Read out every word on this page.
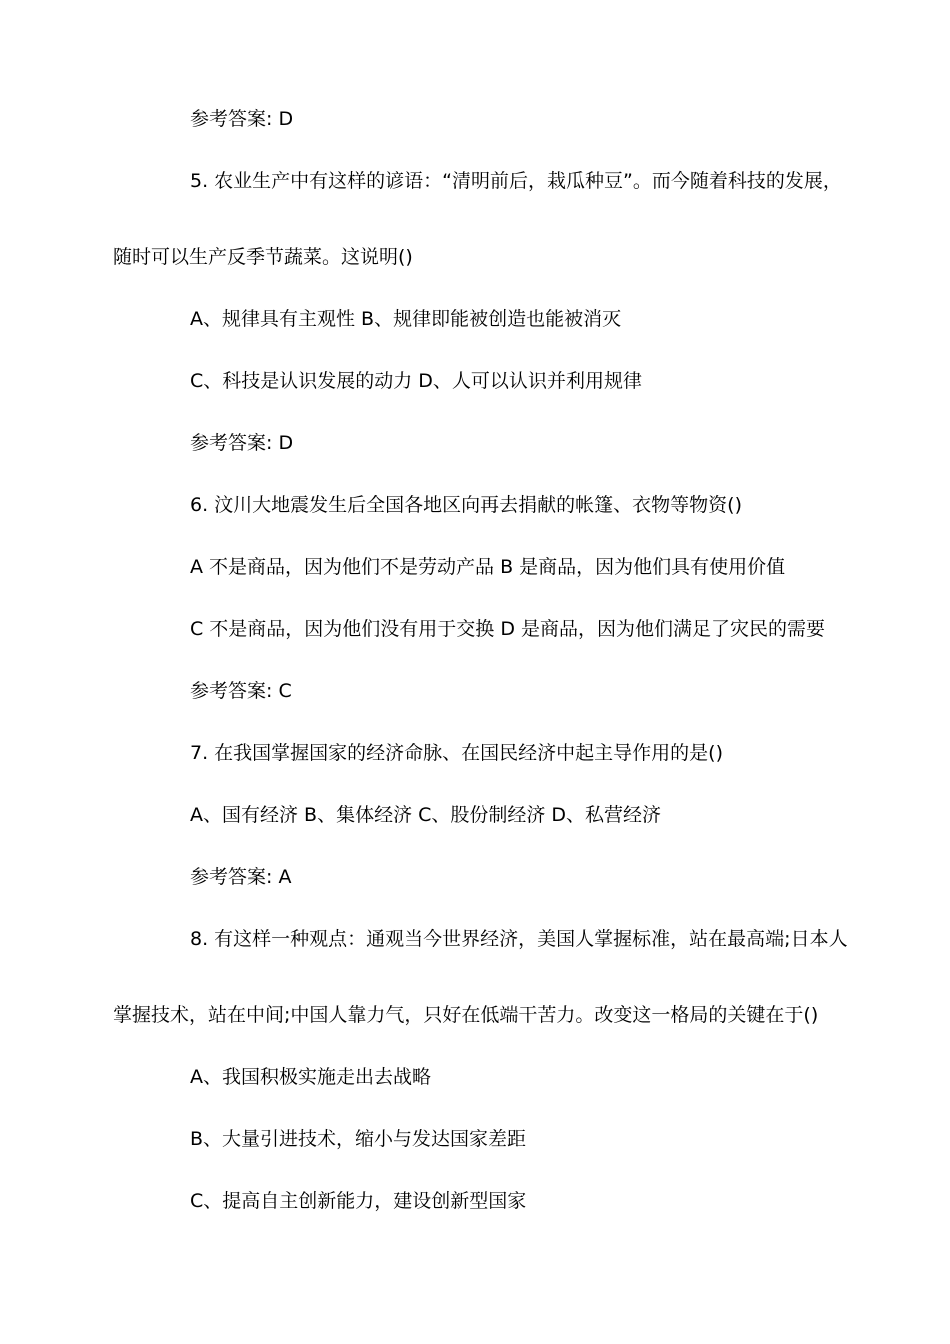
参考答案: D
5. 农业生产中有这样的谚语：“清明前后，栽瓜种豆”。而今随着科技的发展，
随时可以生产反季节蔬菜。这说明()
A、规律具有主观性 B、规律即能被创造也能被消灭
C、科技是认识发展的动力 D、人可以认识并利用规律
参考答案: D
6. 汶川大地震发生后全国各地区向再去捐献的帐篷、衣物等物资()
A 不是商品，因为他们不是劳动产品 B 是商品，因为他们具有使用价值
C 不是商品，因为他们没有用于交换 D 是商品，因为他们满足了灾民的需要
参考答案: C
7. 在我国掌握国家的经济命脉、在国民经济中起主导作用的是()
A、国有经济 B、集体经济 C、股份制经济 D、私营经济
参考答案: A
8. 有这样一种观点：通观当今世界经济，美国人掌握标准，站在最高端;日本人
掌握技术，站在中间;中国人靠力气，只好在低端干苦力。改变这一格局的关键在于()
A、我国积极实施走出去战略
B、大量引进技术，缩小与发达国家差距
C、提高自主创新能力，建设创新型国家
